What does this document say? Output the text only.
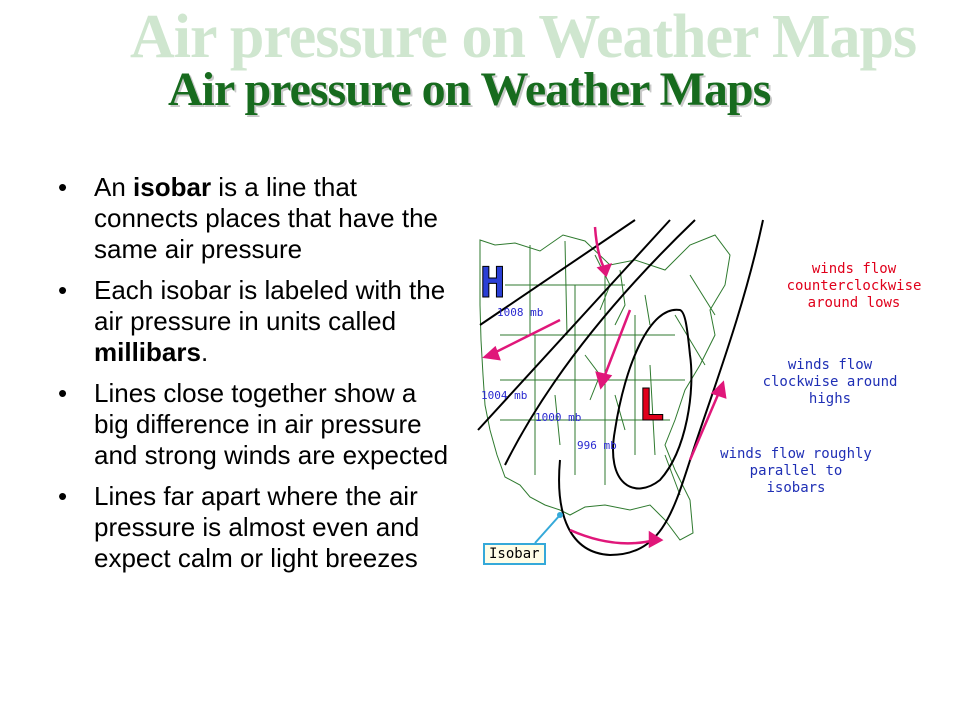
Air pressure on Weather Maps
Air pressure on Weather Maps
• An isobar is a line that connects places that have the same air pressure
• Each isobar is labeled with the air pressure in units called millibars.
• Lines close together show a big difference in air pressure and strong winds are expected
• Lines far apart where the air pressure is almost even and expect calm or light breezes
H
L
1008 mb
1004 mb
1000 mb
996 mb
winds flow counterclockwise around lows
winds flow clockwise around highs
winds flow roughly parallel to isobars
Isobar
